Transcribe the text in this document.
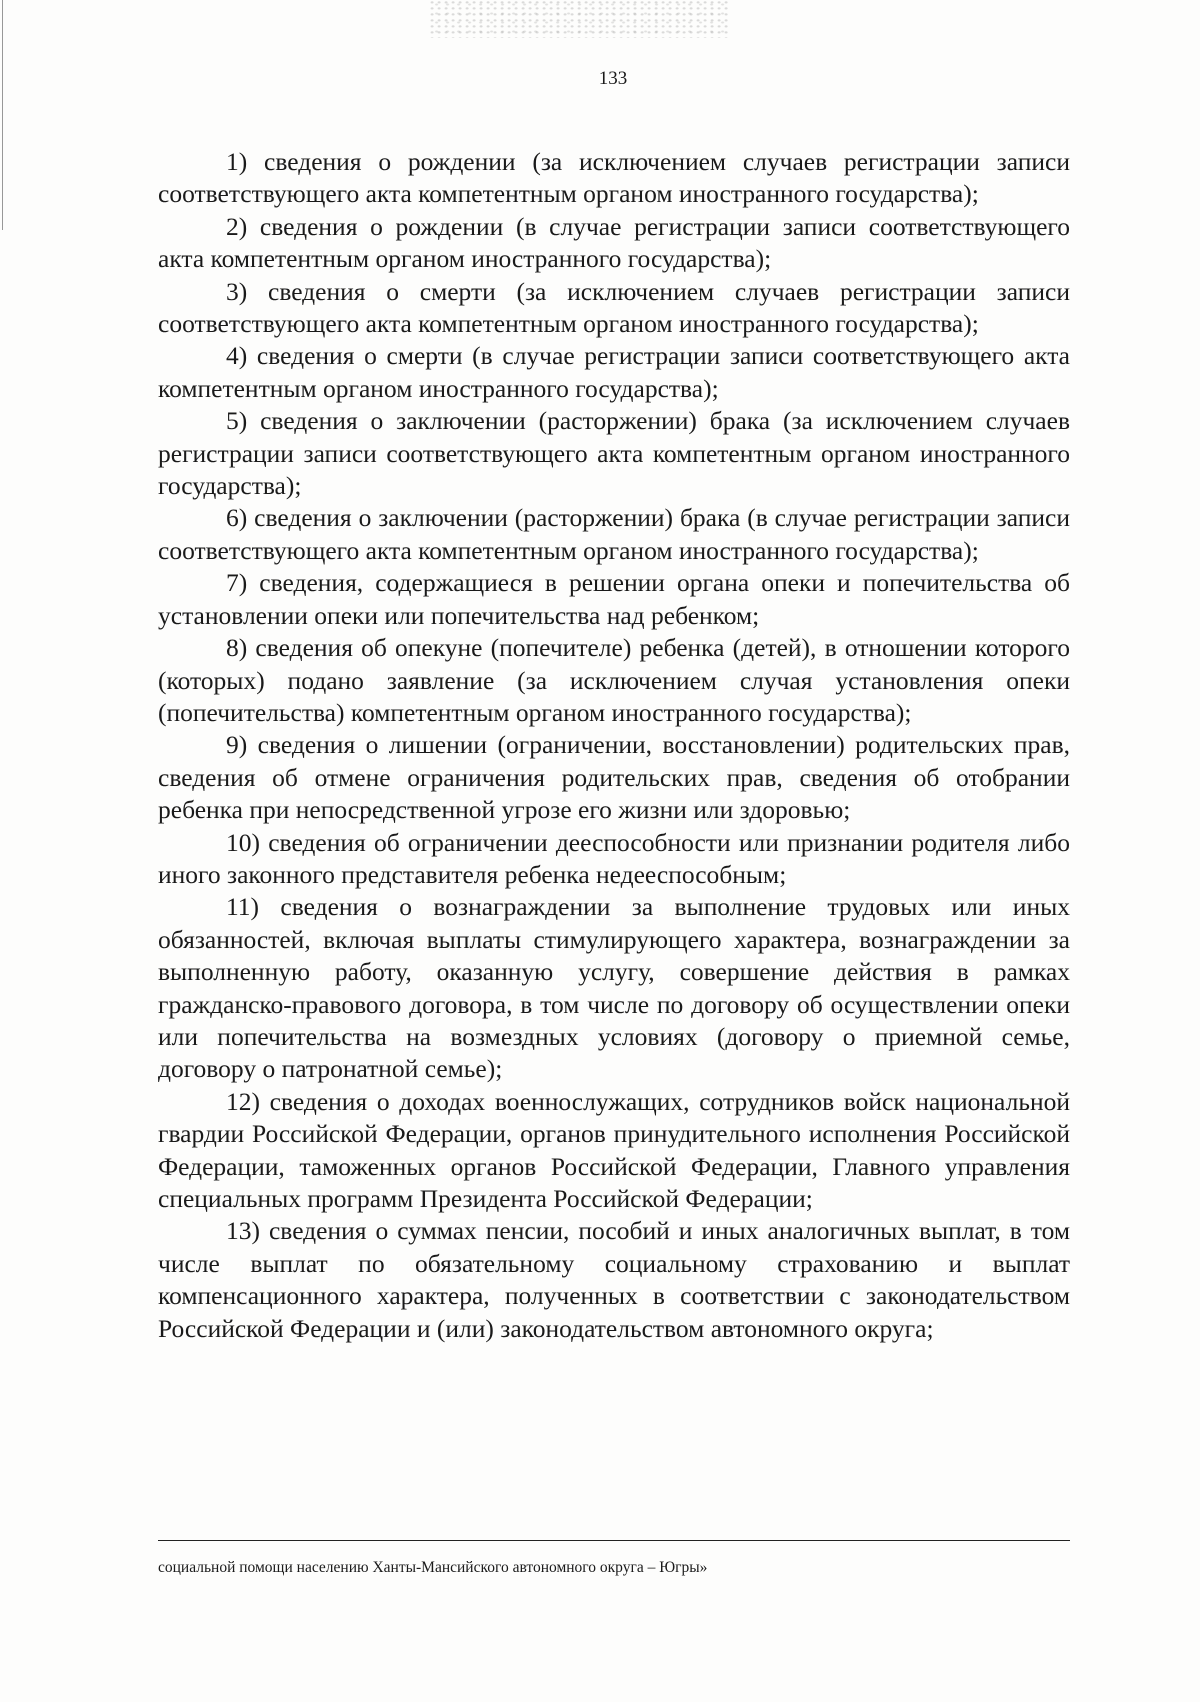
133

1) сведения о рождении (за исключением случаев регистрации записи соответствующего акта компетентным органом иностранного государства);

2) сведения о рождении (в случае регистрации записи соответствующего акта компетентным органом иностранного государства);

3) сведения о смерти (за исключением случаев регистрации записи соответствующего акта компетентным органом иностранного государства);

4) сведения о смерти (в случае регистрации записи соответствующего акта компетентным органом иностранного государства);

5) сведения о заключении (расторжении) брака (за исключением случаев регистрации записи соответствующего акта компетентным органом иностранного государства);

6) сведения о заключении (расторжении) брака (в случае регистрации записи соответствующего акта компетентным органом иностранного государства);

7) сведения, содержащиеся в решении органа опеки и попечительства об установлении опеки или попечительства над ребенком;

8) сведения об опекуне (попечителе) ребенка (детей), в отношении которого (которых) подано заявление (за исключением случая установления опеки (попечительства) компетентным органом иностранного государства);

9) сведения о лишении (ограничении, восстановлении) родительских прав, сведения об отмене ограничения родительских прав, сведения об отобрании ребенка при непосредственной угрозе его жизни или здоровью;

10) сведения об ограничении дееспособности или признании родителя либо иного законного представителя ребенка недееспособным;

11) сведения о вознаграждении за выполнение трудовых или иных обязанностей, включая выплаты стимулирующего характера, вознаграждении за выполненную работу, оказанную услугу, совершение действия в рамках гражданско-правового договора, в том числе по договору об осуществлении опеки или попечительства на возмездных условиях (договору о приемной семье, договору о патронатной семье);

12) сведения о доходах военнослужащих, сотрудников войск национальной гвардии Российской Федерации, органов принудительного исполнения Российской Федерации, таможенных органов Российской Федерации, Главного управления специальных программ Президента Российской Федерации;

13) сведения о суммах пенсии, пособий и иных аналогичных выплат, в том числе выплат по обязательному социальному страхованию и выплат компенсационного характера, полученных в соответствии с законодательством Российской Федерации и (или) законодательством автономного округа;

социальной помощи населению Ханты-Мансийского автономного округа – Югры»
